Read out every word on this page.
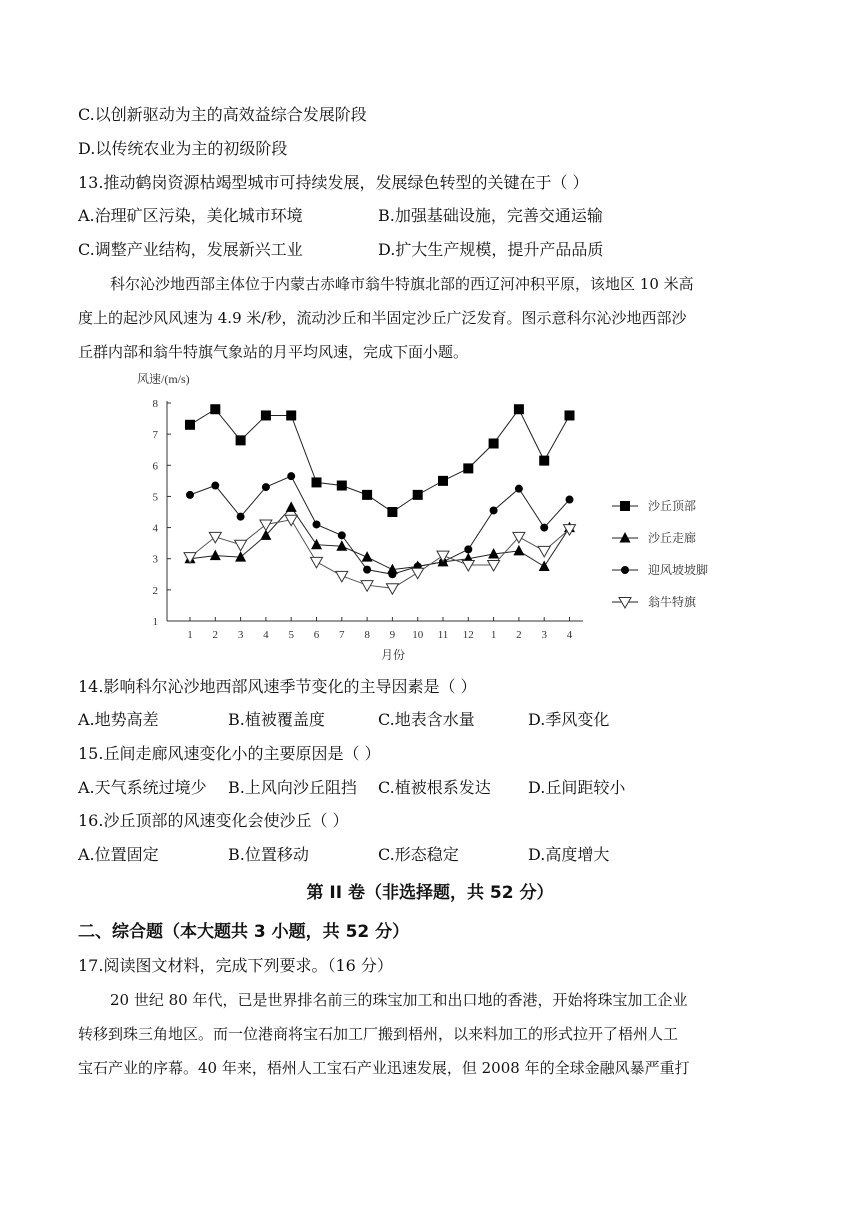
C.以创新驱动为主的高效益综合发展阶段
D.以传统农业为主的初级阶段
13.推动鹤岗资源枯竭型城市可持续发展，发展绿色转型的关键在于（ ）
A.治理矿区污染，美化城市环境	B.加强基础设施，完善交通运输
C.调整产业结构，发展新兴工业	D.扩大生产规模，提升产品品质
科尔沁沙地西部主体位于内蒙古赤峰市翁牛特旗北部的西辽河冲积平原，该地区 10 米高
度上的起沙风风速为 4.9 米/秒，流动沙丘和半固定沙丘广泛发育。图示意科尔沁沙地西部沙
丘群内部和翁牛特旗气象站的月平均风速，完成下面小题。
1
2
3
4
5
6
7
8
1 2 3 4 5 6 7 8 9 10 11 12 1 2 3 4
风速/(m/s)
月份
沙丘顶部
沙丘走廊
迎风坡坡脚
翁牛特旗
14.影响科尔沁沙地西部风速季节变化的主导因素是（ ）
A.地势高差	B.植被覆盖度	C.地表含水量	D.季风变化
15.丘间走廊风速变化小的主要原因是（ ）
A.天气系统过境少 B.上风向沙丘阻挡 C.植被根系发达 D.丘间距较小
16.沙丘顶部的风速变化会使沙丘（ ）
A.位置固定	B.位置移动	C.形态稳定	D.高度增大
第 II 卷（非选择题，共 52 分）
二、综合题（本大题共 3 小题，共 52 分）
17.阅读图文材料，完成下列要求。（16 分）
20 世纪 80 年代，已是世界排名前三的珠宝加工和出口地的香港，开始将珠宝加工企业
转移到珠三角地区。而一位港商将宝石加工厂搬到梧州，以来料加工的形式拉开了梧州人工
宝石产业的序幕。40 年来，梧州人工宝石产业迅速发展，但 2008 年的全球金融风暴严重打
